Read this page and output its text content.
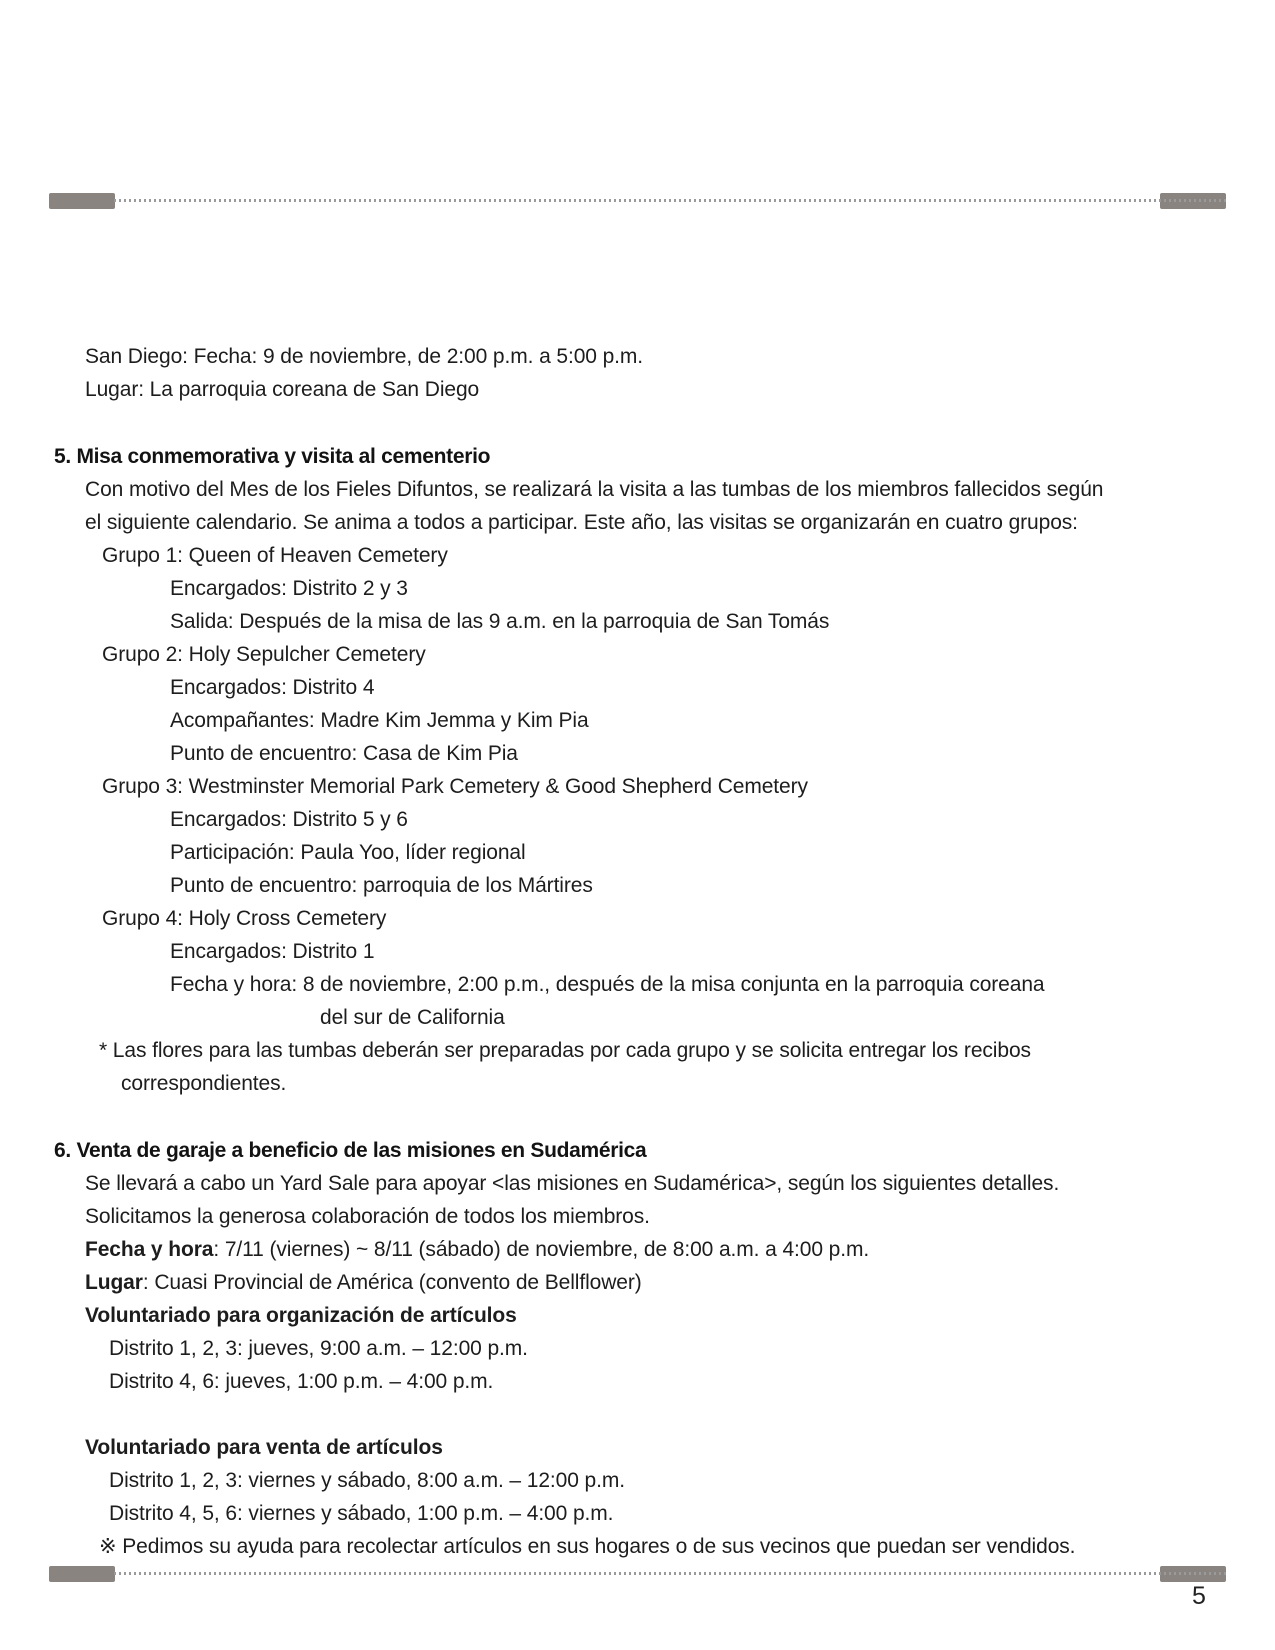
San Diego: Fecha: 9 de noviembre, de 2:00 p.m. a 5:00 p.m.
Lugar: La parroquia coreana de San Diego
5. Misa conmemorativa y visita al cementerio
Con motivo del Mes de los Fieles Difuntos, se realizará la visita a las tumbas de los miembros fallecidos según
el siguiente calendario. Se anima a todos a participar. Este año, las visitas se organizarán en cuatro grupos:
Grupo 1: Queen of Heaven Cemetery
Encargados: Distrito 2 y 3
Salida: Después de la misa de las 9 a.m. en la parroquia de San Tomás
Grupo 2: Holy Sepulcher Cemetery
Encargados: Distrito 4
Acompañantes: Madre Kim Jemma y Kim Pia
Punto de encuentro: Casa de Kim Pia
Grupo 3: Westminster Memorial Park Cemetery & Good Shepherd Cemetery
Encargados: Distrito 5 y 6
Participación: Paula Yoo, líder regional
Punto de encuentro: parroquia de los Mártires
Grupo 4: Holy Cross Cemetery
Encargados: Distrito 1
Fecha y hora: 8 de noviembre, 2:00 p.m., después de la misa conjunta en la parroquia coreana
del sur de California
* Las flores para las tumbas deberán ser preparadas por cada grupo y se solicita entregar los recibos
correspondientes.
6. Venta de garaje a beneficio de las misiones en Sudamérica
Se llevará a cabo un Yard Sale para apoyar <las misiones en Sudamérica>, según los siguientes detalles.
Solicitamos la generosa colaboración de todos los miembros.
Fecha y hora: 7/11 (viernes) ~ 8/11 (sábado) de noviembre, de 8:00 a.m. a 4:00 p.m.
Lugar: Cuasi Provincial de América (convento de Bellflower)
Voluntariado para organización de artículos
Distrito 1, 2, 3: jueves, 9:00 a.m. – 12:00 p.m.
Distrito 4, 6: jueves, 1:00 p.m. – 4:00 p.m.
Voluntariado para venta de artículos
Distrito 1, 2, 3: viernes y sábado, 8:00 a.m. – 12:00 p.m.
Distrito 4, 5, 6: viernes y sábado, 1:00 p.m. – 4:00 p.m.
※ Pedimos su ayuda para recolectar artículos en sus hogares o de sus vecinos que puedan ser vendidos.
5
